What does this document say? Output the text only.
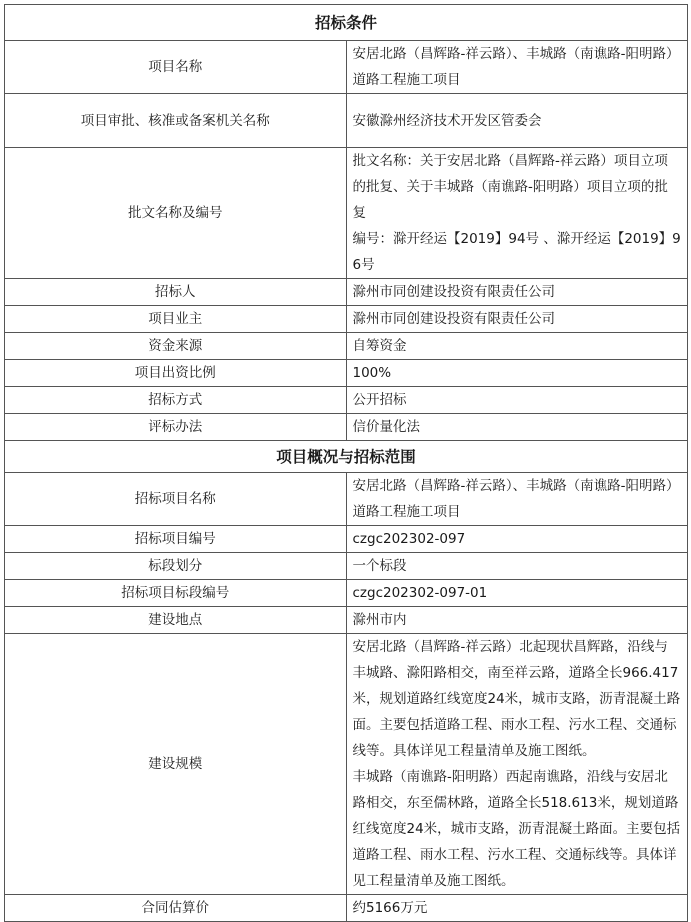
招标条件	
项目名称	安居北路（昌辉路-祥云路）、丰城路（南谯路-阳明路）道路工程施工项目
项目审批、核准或备案机关名称	安徽滁州经济技术开发区管委会
批文名称及编号	批文名称：关于安居北路（昌辉路-祥云路）项目立项的批复、关于丰城路（南谯路-阳明路）项目立项的批复
编号：滁开经运【2019】94号 、滁开经运【2019】96号

招标人	滁州市同创建设投资有限责任公司
项目业主	滁州市同创建设投资有限责任公司
资金来源	自筹资金
项目出资比例	100%
招标方式	公开招标
评标办法	信价量化法
项目概况与招标范围	
招标项目名称	安居北路（昌辉路-祥云路）、丰城路（南谯路-阳明路）道路工程施工项目
招标项目编号	czgc202302-097
标段划分	一个标段
招标项目标段编号	czgc202302-097-01
建设地点	滁州市内
建设规模	安居北路（昌辉路-祥云路）北起现状昌辉路，沿线与丰城路、滁阳路相交，南至祥云路，道路全长966.417米，规划道路红线宽度24米，城市支路，沥青混凝土路面。主要包括道路工程、雨水工程、污水工程、交通标线等。具体详见工程量清单及施工图纸。
丰城路（南谯路-阳明路）西起南谯路，沿线与安居北路相交，东至儒林路，道路全长518.613米，规划道路红线宽度24米，城市支路，沥青混凝土路面。主要包括道路工程、雨水工程、污水工程、交通标线等。具体详见工程量清单及施工图纸。

合同估算价	约5166万元
